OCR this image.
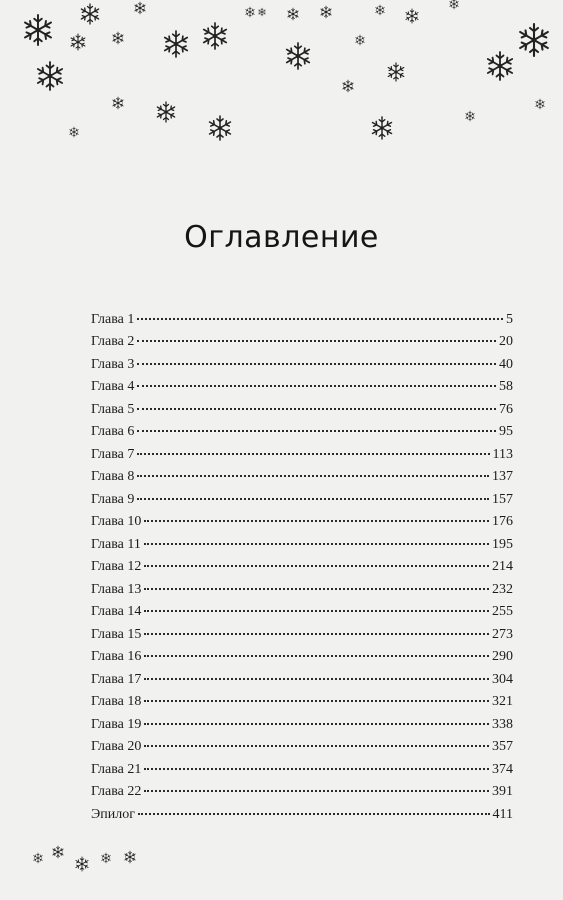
Оглавление
Глава 1	5
Глава 2	20
Глава 3	40
Глава 4	58
Глава 5	76
Глава 6	95
Глава 7	113
Глава 8	137
Глава 9	157
Глава 10	176
Глава 11	195
Глава 12	214
Глава 13	232
Глава 14	255
Глава 15	273
Глава 16	290
Глава 17	304
Глава 18	321
Глава 19	338
Глава 20	357
Глава 21	374
Глава 22	391
Эпилог	411
